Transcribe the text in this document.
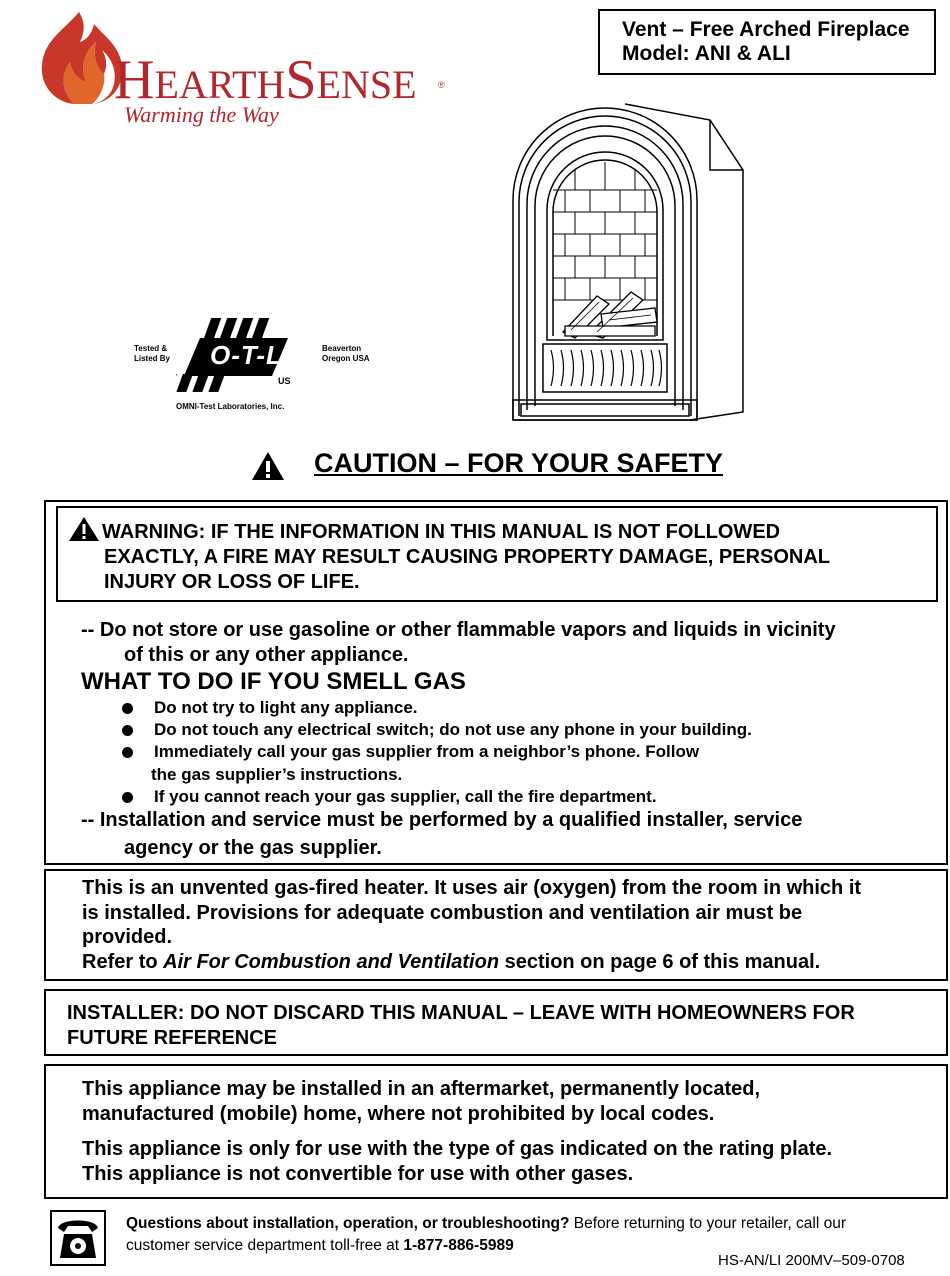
HEARTHSENSE ®
Warming the Way
Vent – Free Arched Fireplace
Model: ANI & ALI
Tested &
Listed By O-T-L
US
Beaverton
Oregon USA
OMNI-Test Laboratories, Inc.
CAUTION – FOR YOUR SAFETY
WARNING: IF THE INFORMATION IN THIS MANUAL IS NOT FOLLOWED
EXACTLY, A FIRE MAY RESULT CAUSING PROPERTY DAMAGE, PERSONAL
INJURY OR LOSS OF LIFE.
-- Do not store or use gasoline or other flammable vapors and liquids in vicinity
of this or any other appliance.
WHAT TO DO IF YOU SMELL GAS
Do not try to light any appliance.
Do not touch any electrical switch; do not use any phone in your building.
Immediately call your gas supplier from a neighbor’s phone. Follow
the gas supplier’s instructions.
If you cannot reach your gas supplier, call the fire department.
-- Installation and service must be performed by a qualified installer, service
agency or the gas supplier.
This is an unvented gas-fired heater. It uses air (oxygen) from the room in which it
is installed. Provisions for adequate combustion and ventilation air must be
provided.
Refer to Air For Combustion and Ventilation section on page 6 of this manual.
INSTALLER: DO NOT DISCARD THIS MANUAL – LEAVE WITH HOMEOWNERS FOR
FUTURE REFERENCE
This appliance may be installed in an aftermarket, permanently located,
manufactured (mobile) home, where not prohibited by local codes.
This appliance is only for use with the type of gas indicated on the rating plate.
This appliance is not convertible for use with other gases.
Questions about installation, operation, or troubleshooting? Before returning to your retailer, call our
customer service department toll-free at 1-877-886-5989
HS-AN/LI 200MV–509-0708
